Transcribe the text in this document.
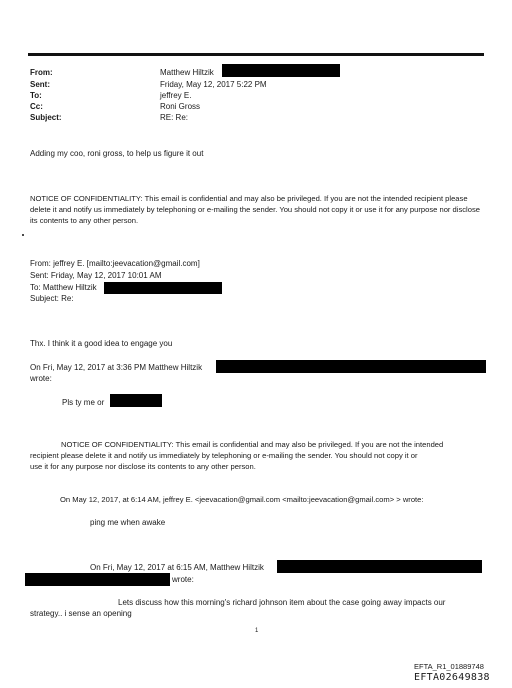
From:	Matthew Hiltzik
Sent:	Friday, May 12, 2017 5:22 PM
To:	jeffrey E.
Cc:	Roni Gross
Subject:	RE: Re:
Adding my coo, roni gross, to help us figure it out
NOTICE OF CONFIDENTIALITY: This email is confidential and may also be privileged. If you are not the intended recipient please delete it and notify us immediately by telephoning or e-mailing the sender. You should not copy it or use it for any purpose nor disclose its contents to any other person.
From: jeffrey E. [mailto:jeevacation@gmail.com]
Sent: Friday, May 12, 2017 10:01 AM
To: Matthew Hiltzik
Subject: Re:
Thx. I think it a good idea to engage you
On Fri, May 12, 2017 at 3:36 PM Matthew Hiltzik
wrote:
Pls ty me or
NOTICE OF CONFIDENTIALITY: This email is confidential and may also be privileged. If you are not the intended
recipient please delete it and notify us immediately by telephoning or e-mailing the sender. You should not copy it or
use it for any purpose nor disclose its contents to any other person.
On May 12, 2017, at 6:14 AM, jeffrey E. <jeevacation@gmail.com <mailto:jeevacation@gmail.com> > wrote:
ping me when awake
On Fri, May 12, 2017 at 6:15 AM, Matthew Hiltzik
wrote:
Lets discuss how this morning's richard johnson item about the case going away impacts our
strategy.. i sense an opening
1
EFTA_R1_01889748
EFTA02649838
